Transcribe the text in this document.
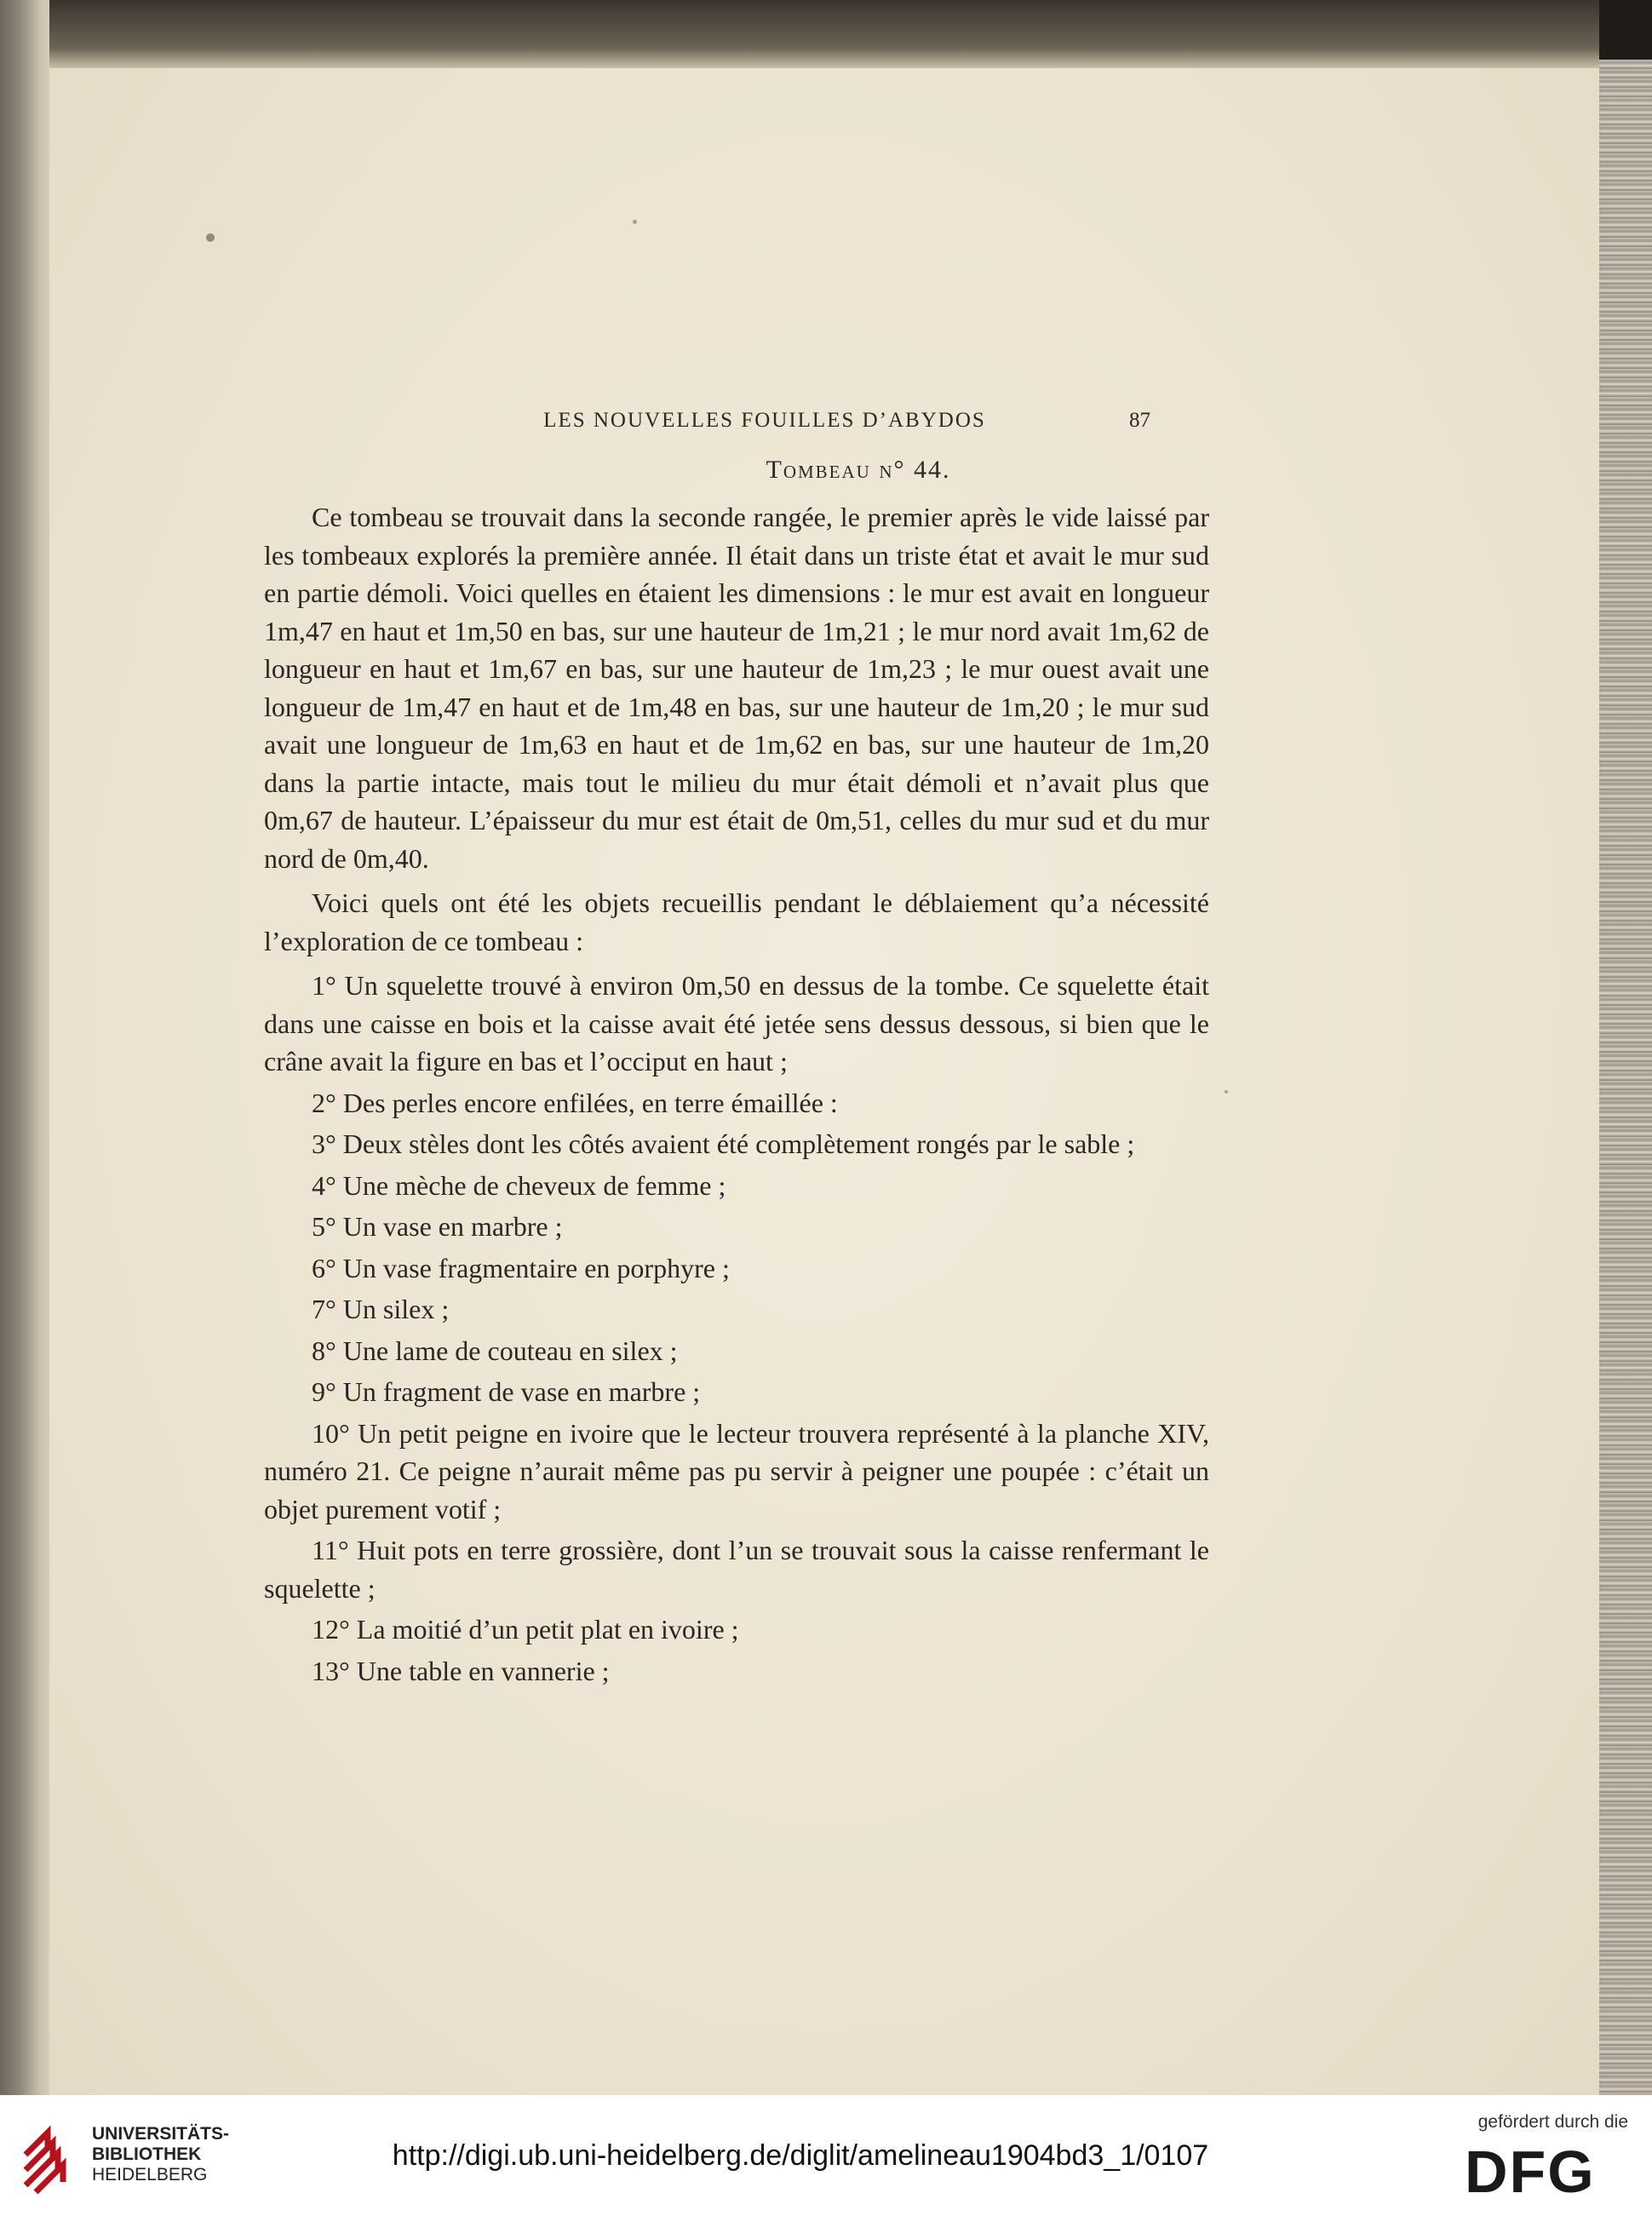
LES NOUVELLES FOUILLES D’ABYDOS	87
Tombeau n° 44.

Ce tombeau se trouvait dans la seconde rangée, le premier après le vide laissé par les tombeaux explorés la première année. Il était dans un triste état et avait le mur sud en partie démoli. Voici quelles en étaient les dimensions : le mur est avait en longueur 1m,47 en haut et 1m,50 en bas, sur une hauteur de 1m,21 ; le mur nord avait 1m,62 de longueur en haut et 1m,67 en bas, sur une hauteur de 1m,23 ; le mur ouest avait une longueur de 1m,47 en haut et de 1m,48 en bas, sur une hauteur de 1m,20 ; le mur sud avait une longueur de 1m,63 en haut et de 1m,62 en bas, sur une hauteur de 1m,20 dans la partie intacte, mais tout le milieu du mur était démoli et n’avait plus que 0m,67 de hauteur. L’épaisseur du mur est était de 0m,51, celles du mur sud et du mur nord de 0m,40.

Voici quels ont été les objets recueillis pendant le déblaiement qu’a nécessité l’exploration de ce tombeau :

1° Un squelette trouvé à environ 0m,50 en dessus de la tombe. Ce squelette était dans une caisse en bois et la caisse avait été jetée sens dessus dessous, si bien que le crâne avait la figure en bas et l’occiput en haut ;

2° Des perles encore enfilées, en terre émaillée :

3° Deux stèles dont les côtés avaient été complètement rongés par le sable ;

4° Une mèche de cheveux de femme ;

5° Un vase en marbre ;

6° Un vase fragmentaire en porphyre ;

7° Un silex ;

8° Une lame de couteau en silex ;

9° Un fragment de vase en marbre ;

10° Un petit peigne en ivoire que le lecteur trouvera représenté à la planche XIV, numéro 21. Ce peigne n’aurait même pas pu servir à peigner une poupée : c’était un objet purement votif ;

11° Huit pots en terre grossière, dont l’un se trouvait sous la caisse renfermant le squelette ;

12° La moitié d’un petit plat en ivoire ;

13° Une table en vannerie ;

UNIVERSITÄTS-
BIBLIOTHEK
HEIDELBERG
http://digi.ub.uni-heidelberg.de/diglit/amelineau1904bd3_1/0107
gefördert durch die
DFG
